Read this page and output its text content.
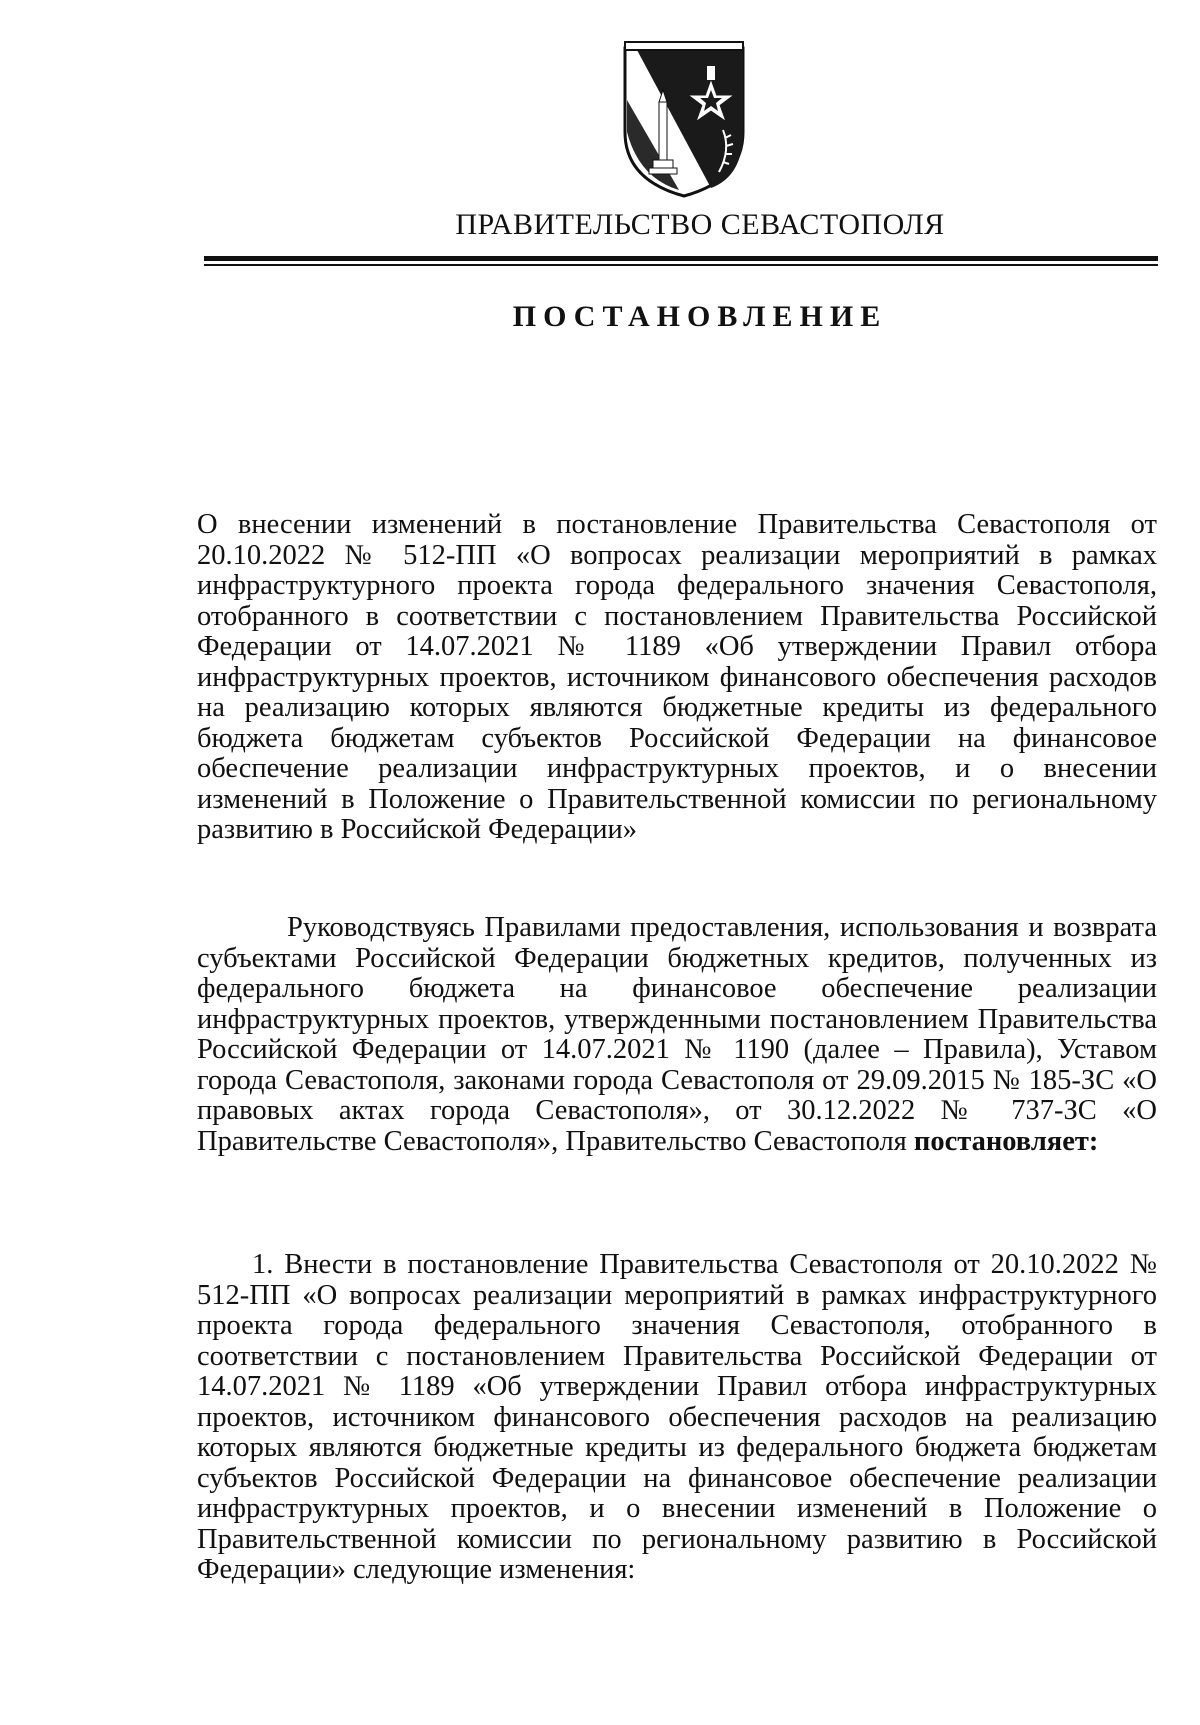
ПРАВИТЕЛЬСТВО СЕВАСТОПОЛЯ
ПОСТАНОВЛЕНИЕ

О внесении изменений в постановление Правительства Севастополя от 20.10.2022 № 512-ПП «О вопросах реализации мероприятий в рамках инфраструктурного проекта города федерального значения Севастополя, отобранного в соответствии с постановлением Правительства Российской Федерации от 14.07.2021 № 1189 «Об утверждении Правил отбора инфраструктурных проектов, источником финансового обеспечения расходов на реализацию которых являются бюджетные кредиты из федерального бюджета бюджетам субъектов Российской Федерации на финансовое обеспечение реализации инфраструктурных проектов, и о внесении изменений в Положение о Правительственной комиссии по региональному развитию в Российской Федерации»

Руководствуясь Правилами предоставления, использования и возврата субъектами Российской Федерации бюджетных кредитов, полученных из федерального бюджета на финансовое обеспечение реализации инфраструктурных проектов, утвержденными постановлением Правительства Российской Федерации от 14.07.2021 № 1190 (далее – Правила), Уставом города Севастополя, законами города Севастополя от 29.09.2015 № 185-ЗС «О правовых актах города Севастополя», от 30.12.2022 № 737-ЗС «О Правительстве Севастополя», Правительство Севастополя постановляет:

1. Внести в постановление Правительства Севастополя от 20.10.2022 № 512-ПП «О вопросах реализации мероприятий в рамках инфраструктурного проекта города федерального значения Севастополя, отобранного в соответствии с постановлением Правительства Российской Федерации от 14.07.2021 № 1189 «Об утверждении Правил отбора инфраструктурных проектов, источником финансового обеспечения расходов на реализацию которых являются бюджетные кредиты из федерального бюджета бюджетам субъектов Российской Федерации на финансовое обеспечение реализации инфраструктурных проектов, и о внесении изменений в Положение о Правительственной комиссии по региональному развитию в Российской Федерации» следующие изменения:
